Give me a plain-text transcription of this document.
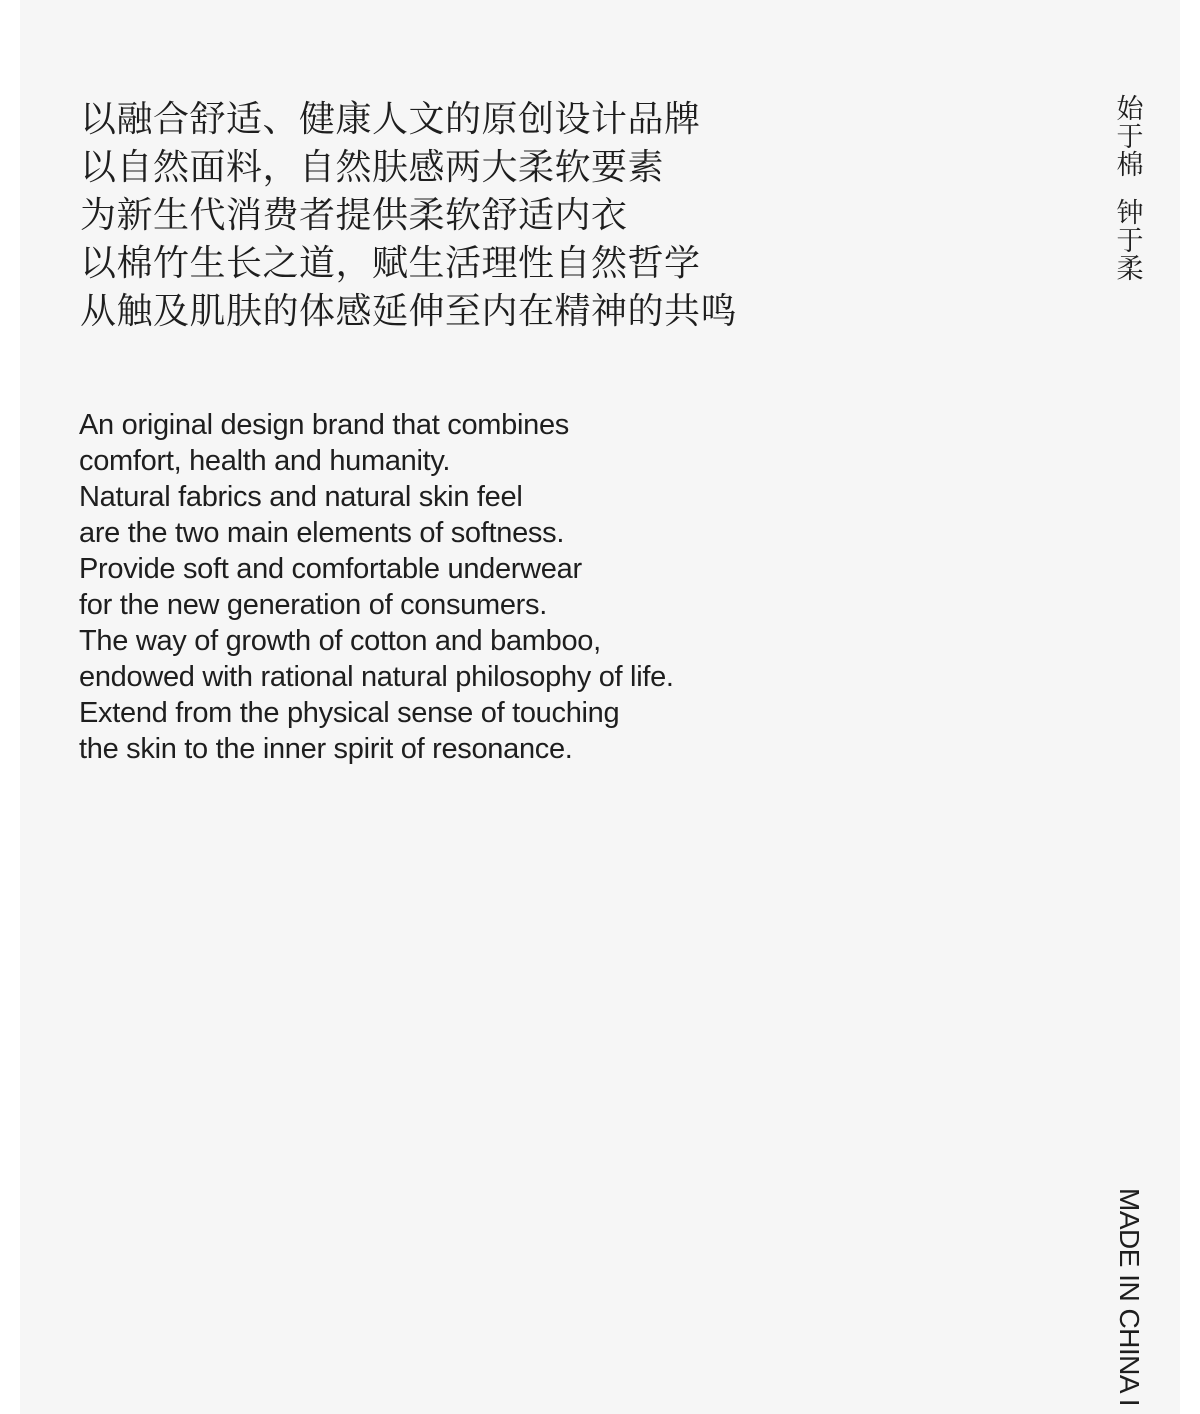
以融合舒适、健康人文的原创设计品牌
以自然面料，自然肤感两大柔软要素
为新生代消费者提供柔软舒适内衣
以棉竹生长之道，赋生活理性自然哲学
从触及肌肤的体感延伸至内在精神的共鸣
An original design brand that combines
comfort, health and humanity.
Natural fabrics and natural skin feel
are the two main elements of softness.
Provide soft and comfortable underwear
for the new generation of consumers.
The way of growth of cotton and bamboo,
endowed with rational natural philosophy of life.
Extend from the physical sense of touching
the skin to the inner spirit of resonance.
始
于
棉
钟
于
柔
MADE IN CHINA I
